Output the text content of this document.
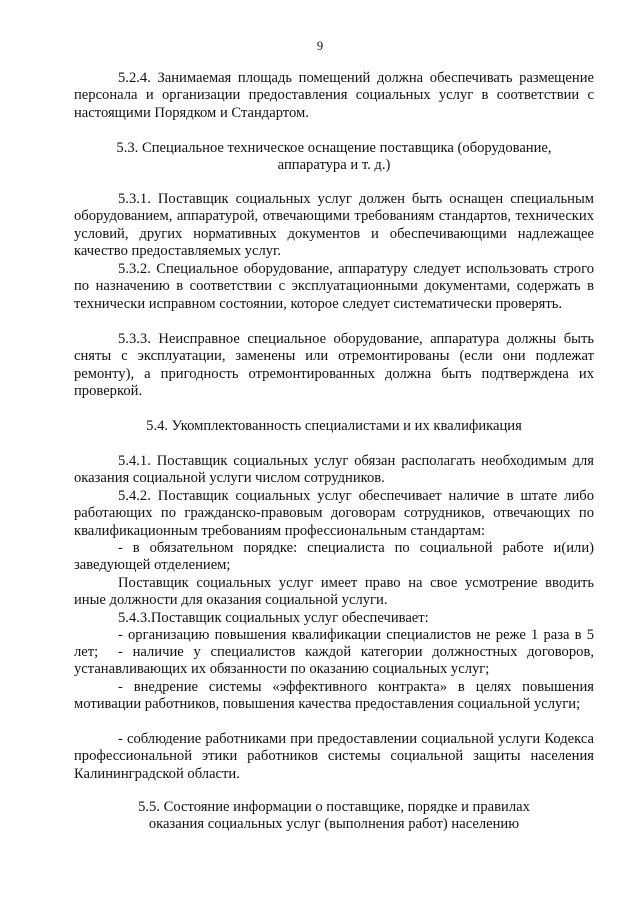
9

5.2.4. Занимаемая площадь помещений должна обеспечивать размещение персонала и организации предоставления социальных услуг в соответствии с настоящими Порядком и Стандартом.

5.3. Специальное техническое оснащение поставщика (оборудование,
аппаратура и т. д.)

5.3.1. Поставщик социальных услуг должен быть оснащен специальным оборудованием, аппаратурой, отвечающими требованиям стандартов, технических условий, других нормативных документов и обеспечивающими надлежащее качество предоставляемых услуг.

5.3.2. Специальное оборудование, аппаратуру следует использовать строго по назначению в соответствии с эксплуатационными документами, содержать в технически исправном состоянии, которое следует систематически проверять.

5.3.3. Неисправное специальное оборудование, аппаратура должны быть сняты с эксплуатации, заменены или отремонтированы (если они подлежат ремонту), а пригодность отремонтированных должна быть подтверждена их проверкой.

5.4. Укомплектованность специалистами и их квалификация

5.4.1. Поставщик социальных услуг обязан располагать необходимым для оказания социальной услуги числом сотрудников.

5.4.2. Поставщик социальных услуг обеспечивает наличие в штате либо работающих по гражданско-правовым договорам сотрудников, отвечающих по квалификационным требованиям профессиональным стандартам:

- в обязательном порядке: специалиста по социальной работе и(или) заведующей отделением;

Поставщик социальных услуг имеет право на свое усмотрение вводить иные должности для оказания социальной услуги.

5.4.3.Поставщик социальных услуг обеспечивает:

- организацию повышения квалификации специалистов не реже 1 раза в 5 лет;	- наличие у специалистов каждой категории должностных договоров, устанавливающих их обязанности по оказанию социальных услуг;

- внедрение системы «эффективного контракта» в целях повышения мотивации работников, повышения качества предоставления социальной услуги;

- соблюдение работниками при предоставлении социальной услуги Кодекса профессиональной этики работников системы социальной защиты населения Калининградской области.

5.5. Состояние информации о поставщике, порядке и правилах
оказания социальных услуг (выполнения работ) населению
